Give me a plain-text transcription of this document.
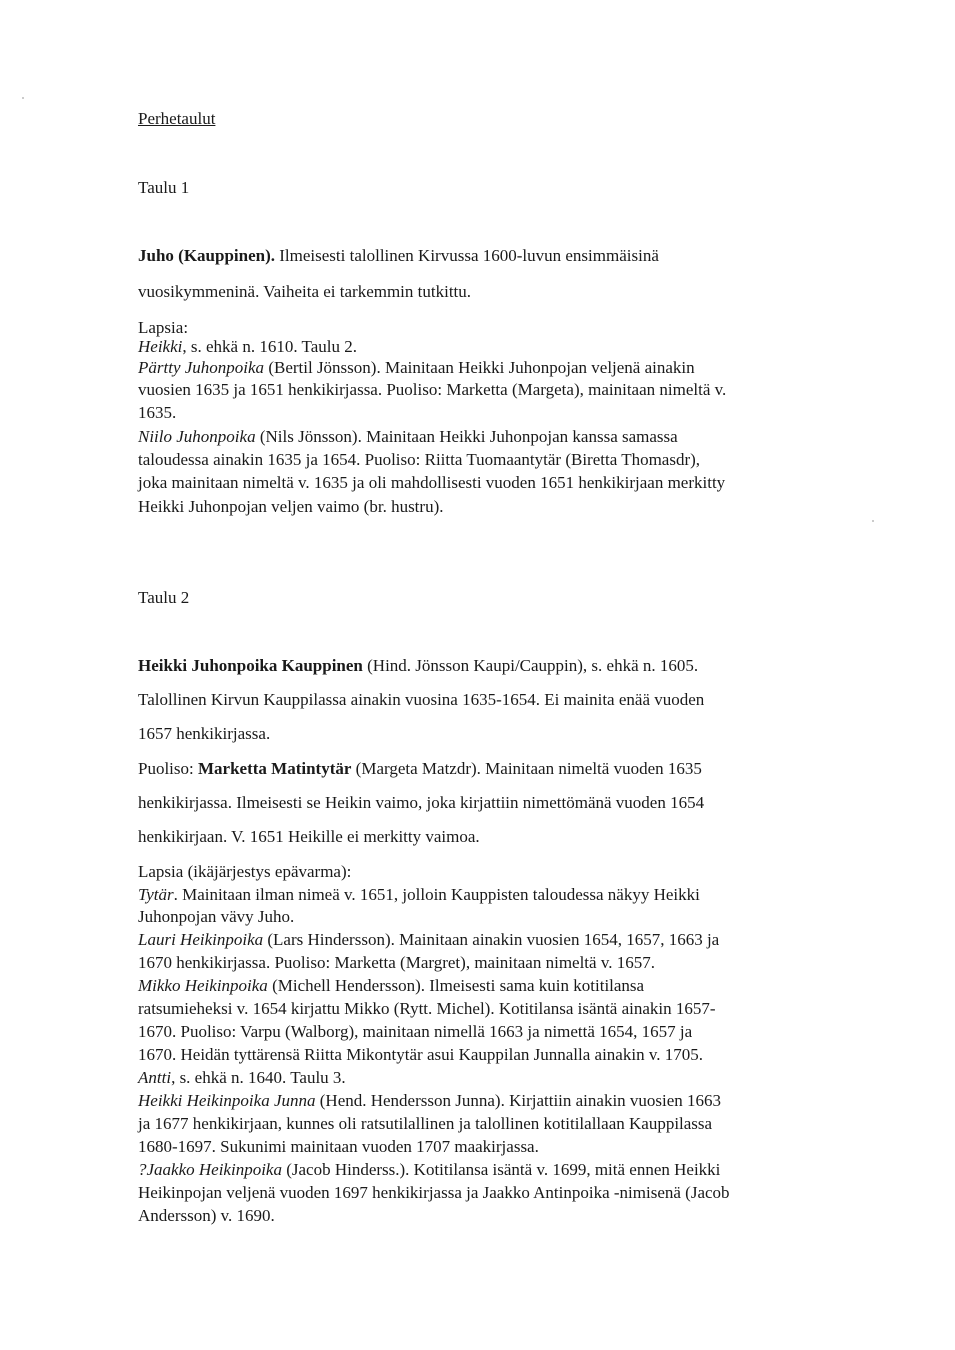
Perhetaulut
Taulu 1
Juho (Kauppinen). Ilmeisesti talollinen Kirvussa 1600-luvun ensimmäisinä
vuosikymmeninä. Vaiheita ei tarkemmin tutkittu.
Lapsia:
Heikki, s. ehkä n. 1610. Taulu 2.
Pärtty Juhonpoika (Bertil Jönsson). Mainitaan Heikki Juhonpojan veljenä ainakin
vuosien 1635 ja 1651 henkikirjassa. Puoliso: Marketta (Margeta), mainitaan nimeltä v.
1635.
Niilo Juhonpoika (Nils Jönsson). Mainitaan Heikki Juhonpojan kanssa samassa
taloudessa ainakin 1635 ja 1654. Puoliso: Riitta Tuomaantytär (Biretta Thomasdr),
joka mainitaan nimeltä v. 1635 ja oli mahdollisesti vuoden 1651 henkikirjaan merkitty
Heikki Juhonpojan veljen vaimo (br. hustru).
Taulu 2
Heikki Juhonpoika Kauppinen (Hind. Jönsson Kaupi/Cauppin), s. ehkä n. 1605.
Talollinen Kirvun Kauppilassa ainakin vuosina 1635-1654. Ei mainita enää vuoden
1657 henkikirjassa.
Puoliso: Marketta Matintytär (Margeta Matzdr). Mainitaan nimeltä vuoden 1635
henkikirjassa. Ilmeisesti se Heikin vaimo, joka kirjattiin nimettömänä vuoden 1654
henkikirjaan. V. 1651 Heikille ei merkitty vaimoa.
Lapsia (ikäjärjestys epävarma):
Tytär. Mainitaan ilman nimeä v. 1651, jolloin Kauppisten taloudessa näkyy Heikki
Juhonpojan vävy Juho.
Lauri Heikinpoika (Lars Hindersson). Mainitaan ainakin vuosien 1654, 1657, 1663 ja
1670 henkikirjassa. Puoliso: Marketta (Margret), mainitaan nimeltä v. 1657.
Mikko Heikinpoika (Michell Hendersson). Ilmeisesti sama kuin kotitilansa
ratsumieheksi v. 1654 kirjattu Mikko (Rytt. Michel). Kotitilansa isäntä ainakin 1657-
1670. Puoliso: Varpu (Walborg), mainitaan nimellä 1663 ja nimettä 1654, 1657 ja
1670. Heidän tyttärensä Riitta Mikontytär asui Kauppilan Junnalla ainakin v. 1705.
Antti, s. ehkä n. 1640. Taulu 3.
Heikki Heikinpoika Junna (Hend. Hendersson Junna). Kirjattiin ainakin vuosien 1663
ja 1677 henkikirjaan, kunnes oli ratsutilallinen ja talollinen kotitilallaan Kauppilassa
1680-1697. Sukunimi mainitaan vuoden 1707 maakirjassa.
?Jaakko Heikinpoika (Jacob Hinderss.). Kotitilansa isäntä v. 1699, mitä ennen Heikki
Heikinpojan veljenä vuoden 1697 henkikirjassa ja Jaakko Antinpoika -nimisenä (Jacob
Andersson) v. 1690.
